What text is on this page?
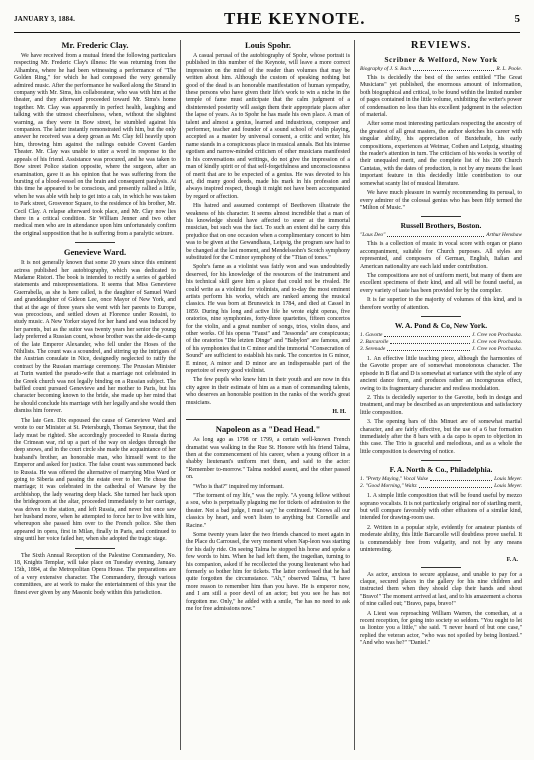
JANUARY 3, 1884.	THE KEYNOTE.	5
Mr. Frederic Clay.

We have received from a mutual friend the following particulars respecting Mr. Frederic Clay's illness: He was returning from the Alhambra, where he had been witnessing a performance of "The Golden Ring," for which he had composed the very generally admired music. After the performance he walked along the Strand in company with Mr. Sims, his collaborateur, who was with him at the theater, and they afterward proceeded toward Mr. Sims's home together. Mr. Clay was apparently in perfect health, laughing and talking with the utmost cheerfulness, when, without the slightest warning, as they were in Bow street, he stumbled against his companion. The latter instantly remonstrated with him, but the only answer he received was a deep groan as Mr. Clay fell heavily upon him, throwing him against the railings outside Covent Garden Theater. Mr. Clay was unable to utter a word in response to the appeals of his friend. Assistance was procured, and he was taken to Bow street Police station opposite, where the surgeon, after an examination, gave it as his opinion that he was suffering from the bursting of a blood-vessel on the brain and consequent paralysis. At this time he appeared to be conscious, and presently rallied a little, when he was able with help to get into a cab, in which he was taken to Park street, Grosvenor Square, to the residence of his brother, Mr. Cecil Clay. A relapse afterward took place, and Mr. Clay now lies there in a critical condition. Sir William Jenner and two other medical men who are in attendance upon him unfortunately confirm the original supposition that he is suffering from a paralytic seizure.

Genevieve Ward.

It is not generally known that some 20 years since this eminent actress published her autobiography, which was dedicated to Madame Ristori. The book is intended to rectify a series of garbled statements and misrepresentations. It seems that Miss Genevieve Guerrabella, as she is here called, is the daughter of Samuel Ward and granddaughter of Gideon Lee, once Mayor of New York, and that at the age of three years she went with her parents to Europe, was precocious, and settled down at Florence under Rossini, to study music. A New Yorker stayed for her hand and was induced by her parents, but as the suitor was twenty years her senior the young lady preferred a Russian count, whose brother was the aide-de-camp of the late Emperor Alexander, who fell under the Hoses of the Nihilists. The count was a scoundrel, and stirring up the intrigues of the Austrian consulate in Nice, designedly neglected to ratify the contract by the Russian marriage ceremony. The Prussian Minister at Turin wanted the pseudo-wife that a marriage not celebrated in the Greek church was not legally binding on a Russian subject. The baffled count pursued Genevieve and her mother to Paris, but his character becoming known to the bride, she made up her mind that he should conclude his marriage with her legally and she would then dismiss him forever.

The late Gen. Dix espoused the cause of Genevieve Ward and wrote to our Minister at St. Petersburgh, Thomas Seymour, that the lady must be righted. She accordingly proceeded to Russia during the Crimean war, rid up a part of the way on sledges through the deep snows, and in the court circle she made the acquaintance of her husband's brother, an honorable man, who himself went to the Emperor and asked for justice. The false count was summoned back to Russia. He was offered the alternative of marrying Miss Ward or going to Siberia and passing the estate over to her. He chose the marriage; it was celebrated in the cathedral of Warsaw by the archbishop, the lady wearing deep black. She turned her back upon the bridegroom at the altar, proceeded immediately to her carriage, was driven to the station, and left Russia, and never but once saw her husband more, when he attempted to force her to live with him, whereupon she passed him over to the French police. She then appeared in opera, first in Milan, finally in Paris, and continued to sing until her voice failed her, when she adopted the tragic stage.

The Sixth Annual Reception of the Palestine Commandery, No. 18, Knights Templar, will take place on Tuesday evening, January 15th, 1884, at the Metropolitan Opera House. The preparations are of a very extensive character. The Commandery, through various committees, are at work to make the entertainment of this year the finest ever given by any Masonic body within this jurisdiction.

Louis Spohr.

A casual perusal of the autobiography of Spohr, whose portrait is published in this number of the Keynote, will leave a more correct impression on the mind of the reader than volumes that may be written about him. Although the custom of speaking nothing but good of the dead is an honorable manifestation of human sympathy, these persons who have given their life's work to win a niche in the temple of fame must anticipate that the calm judgment of a disinterested posterity will assign them their appropriate places after the lapse of years. As to Spohr he has made his own place. A man of talent and almost a genius, learned and industrious, composer and performer, teacher and founder of a sound school of violin playing, accepted as a master by universal consent, a critic and writer, his name stands in a conspicuous place in musical annals. But his intense egotism and narrow-minded criticism of other musicians manifested in his conversations and writings, do not give the impression of a man of kindly spirit or of that self-forgetfulness and unconsciousness of merit that are to be expected of a genius. He was devoted to his art, did many good deeds, made his mark in his profession and always inspired respect, though it might not have been accompanied by regard or affection.

His hatred and assumed contempt of Beethoven illustrate the weakness of his character. It seems almost incredible that a man of his knowledge should have affected to sneer at the immortal musician, but such was the fact. To such an extent did he carry this prejudice that on one occasion when a complimentary concert to him was to be given at the Gewandhaus, Leipsig, the program saw had to be changed at the last moment, and Mendelssohn's Scotch symphony substituted for the C minor symphony of the "Titan of tones."

Spohr's fame as a violinist was fairly won and was undoubtedly deserved, for his knowledge of the resources of the instrument and his technical skill gave him a place that could not be rivaled. He could write as a violinist for violinists, and to-day the most eminent artists perform his works, which are ranked among the musical classics. He was born at Brunswick in 1784, and died at Cassel in 1859. During his long and active life he wrote eight operas, five oratorios, nine symphonies, forty-three quartettes, fifteen concertos for the violin, and a great number of songs, trios, violin duos, and other works. Of his operas "Faust" and "Jessonda" are conspicuous; of the oratorios "Die letzten Dinge" and "Babylon" are famous, and of his symphonies that in C minor and the immortal "Consecration of Sound" are sufficient to establish his rank. The concertos in G minor, E minor, A minor and D minor are an indispensable part of the repertoire of every good violinist.

The few pupils who knew him in their youth and are now in this city agree in their estimate of him as a man of commanding talents, who deserves an honorable position in the ranks of the world's great musicians.

H. H.
Napoleon as a "Dead Head."

As long ago as 1798 or 1799, a certain well-known French dramatist was walking in the Rue St. Honore with his friend Talma, then at the commencement of his career, when a young officer in a shabby lieutenant's uniform met them, and said to the actor: "Remember to-morrow." Talma nodded assent, and the other passed on.

"Who is that?" inquired my informant.

"The torment of my life," was the reply. "A young fellow without a sou, who is perpetually plaguing me for tickets of admission to the theater. Not a bad judge, I must say," he continued. "Knows all our classics by heart, and won't listen to anything but Corneille and Racine."

Some twenty years later the two friends chanced to meet again in the Place du Carrousel, the very moment when Nap-leon was starting for his daily ride. On seeing Talma he stopped his horse and spoke a few words to him. When he had left them, the tragedian, turning to his companion, asked if he recollected the young lieutenant who had formerly so bother him for tickets. The latter confessed that he had quite forgotten the circumstance. "Ah," observed Talma, "I have more reason to remember him than you have. He is emperor now, and I am still a poor devil of an actor; but you see he has not forgotten me. Only," he added with a smile, "he has no need to ask me for free admissions now."

REVIEWS.
Scribner & Welford, New York
Biography of J. S. Bach	R. L. Poole.

This is decidedly the best of the series entitled "The Great Musicians" yet published, the enormous amount of information, both biographical and critical, to be found within the limited number of pages contained in the little volume, exhibiting the writer's power of condensation no less than his excellent judgment in the selection of material.

After some most interesting particulars respecting the ancestry of the greatest of all great masters, the author sketches his career with singular ability, his appreciation of Buxtehude, his early compositions, experiences at Weimar, Cothen and Leipzig, situating the reader's attention in turn. The criticism of his works is worthy of their unequaled merit, and the complete list of his 200 Church Cantatas, with the dates of production, is not by any means the least important feature in this decidedly little contribution to our somewhat scanty list of musical literature.

We have much pleasure in warmly recommending its perusal, to every admirer of the colossal genius who has been fitly termed the "Milton of Music."

Russell Brothers, Boston.
"Laus Deo"	Arthur Henshaw

This is a collection of music in vocal score with organ or piano accompaniment, suitable for Church purposes. All styles are represented, and composers of German, English, Italian and American nationality are each laid under contribution.

The compositions are not of uniform merit, but many of them are excellent specimens of their kind, and all will be found useful, as every variety of taste has been provided for by the compiler.

It is far superior to the majority of volumes of this kind, and is therefore worthy of attention.

W. A. Pond & Co, New York.
1. Gavotte	J. Cree von Prochaska.
2. Barcarolle	J. Cree von Prochaska.
3. Serenade	J. Cree von Prochaska.

1. An effective little teaching piece, although the harmonies of the Gavotte proper are of somewhat monotonous character. The episode in B flat and D is somewhat at variance with the style of any ancient dance form, and produces rather an incongruous effect, owing to its fragmentary character and restless modulation.

2. This is decidedly superior to the Gavotte, both in design and treatment, and may be described as an unpretentious and satisfactory little composition.

3. The opening bars of this Minuet are of somewhat martial character, and are fairly effective, but the use of a 6 bar formation immediately after the 8 bars with a da capo is open to objection in this case. The Trio is graceful and melodious, and as a whole the little composition is deserving of notice.

F. A. North & Co., Philadelphia.
1. "Pretty Maying," Vocal Valse	Louis Meyer.
2. "Good Morning," Waltz	Louis Meyer.

1. A simple little composition that will be found useful by mezzo soprano vocalists. It is not particularly original nor of startling merit, but will compare favorably with other effusions of a similar kind, intended for drawing-room use.

2. Written in a popular style, evidently for amateur pianists of moderate ability, this little Barcarolle will doubtless prove useful. It is commendably free from vulgarity, and not by any means uninteresting.

F. A.

As actor, anxious to secure applause, and unable to pay for a claque, secured places in the gallery for his nine children and instructed them when they should clap their hands and shout "Bravo!" The moment arrived at last, and to his amazement a chorus of nine called out; "Bravo, papa, bravo!"

A Lieut was reproaching William Warren, the comedian, at a recent reception, for going into society so seldom. "You ought to let us lionize you a little," she said. "I never heard of but one case," replied the veteran actor, "who was not spoiled by being lionized." "And who was he?" "Daniel."
